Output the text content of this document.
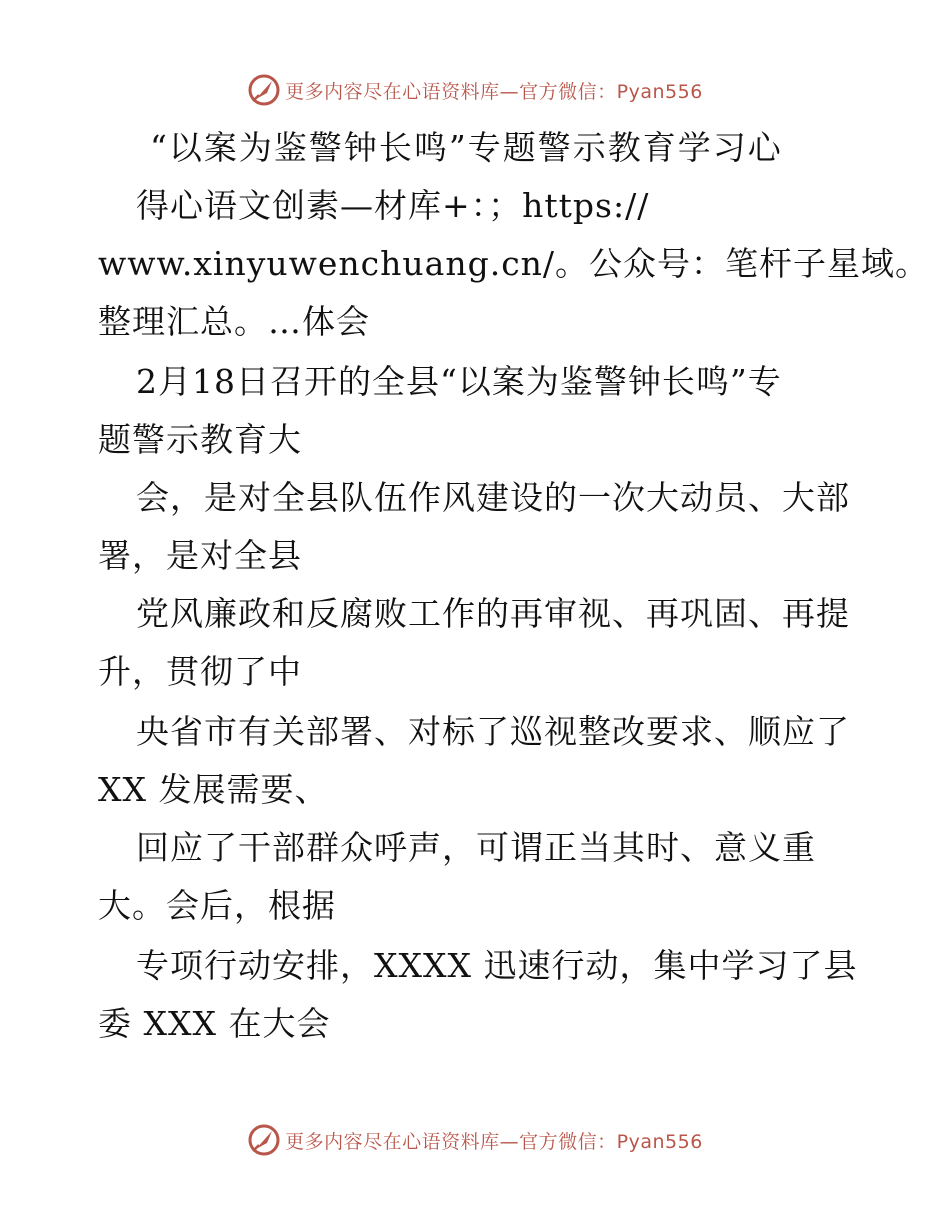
更多内容尽在心语资料库—官方微信：Pyan556
“以案为鉴警钟长鸣”专题警示教育学习心
得心语文创素—材库+：；https://
www.xinyuwenchuang.cn/。公众号：笔杆子星域。
整理汇总。…体会
2月18日召开的全县“以案为鉴警钟长鸣”专
题警示教育大
会，是对全县队伍作风建设的一次大动员、大部
署，是对全县
党风廉政和反腐败工作的再审视、再巩固、再提
升，贯彻了中
央省市有关部署、对标了巡视整改要求、顺应了
XX 发展需要、
回应了干部群众呼声，可谓正当其时、意义重
大。会后，根据
专项行动安排，XXXX 迅速行动，集中学习了县
委 XXX 在大会
更多内容尽在心语资料库—官方微信：Pyan556
